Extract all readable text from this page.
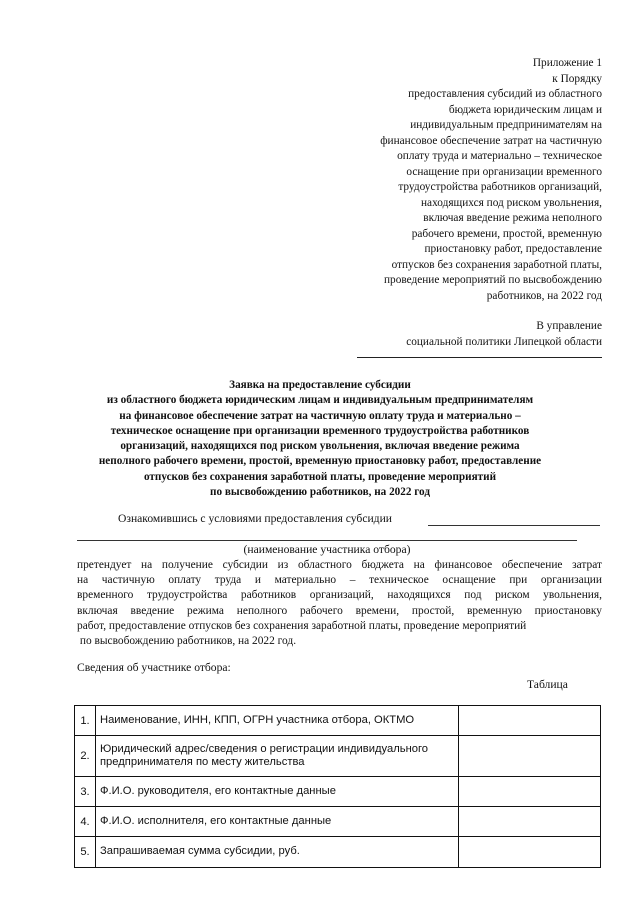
Приложение 1
к Порядку
предоставления субсидий из областного
бюджета юридическим лицам и
индивидуальным предпринимателям на
финансовое обеспечение затрат на частичную
оплату труда и материально – техническое
оснащение при организации временного
трудоустройства работников организаций,
находящихся под риском увольнения,
включая введение режима неполного
рабочего времени, простой, временную
приостановку работ, предоставление
отпусков без сохранения заработной платы,
проведение мероприятий по высвобождению
работников, на 2022 год
В управление
социальной политики Липецкой области
Заявка на предоставление субсидии
из областного бюджета юридическим лицам и индивидуальным предпринимателям
на финансовое обеспечение затрат на частичную оплату труда и материально –
техническое оснащение при организации временного трудоустройства работников
организаций, находящихся под риском увольнения, включая введение режима
неполного рабочего времени, простой, временную приостановку работ, предоставление
отпусков без сохранения заработной платы, проведение мероприятий
по высвобождению работников, на 2022 год
Ознакомившись с условиями предоставления субсидии
(наименование участника отбора)
претендует на получение субсидии из областного бюджета на финансовое обеспечение затрат
на частичную оплату труда и материально – техническое оснащение при организации
временного трудоустройства работников организаций, находящихся под риском увольнения,
включая введение режима неполного рабочего времени, простой, временную приостановку
работ, предоставление отпусков без сохранения заработной платы, проведение мероприятий
по высвобождению работников, на 2022 год.
Сведения об участнике отбора:
Таблица
1.	Наименование, ИНН, КПП, ОГРН участника отбора, ОКТМО	
2.	Юридический адрес/сведения о регистрации индивидуального
предпринимателя по месту жительства	

3.	Ф.И.О. руководителя, его контактные данные	
4.	Ф.И.О. исполнителя, его контактные данные	
5.	Запрашиваемая сумма субсидии, руб.	
